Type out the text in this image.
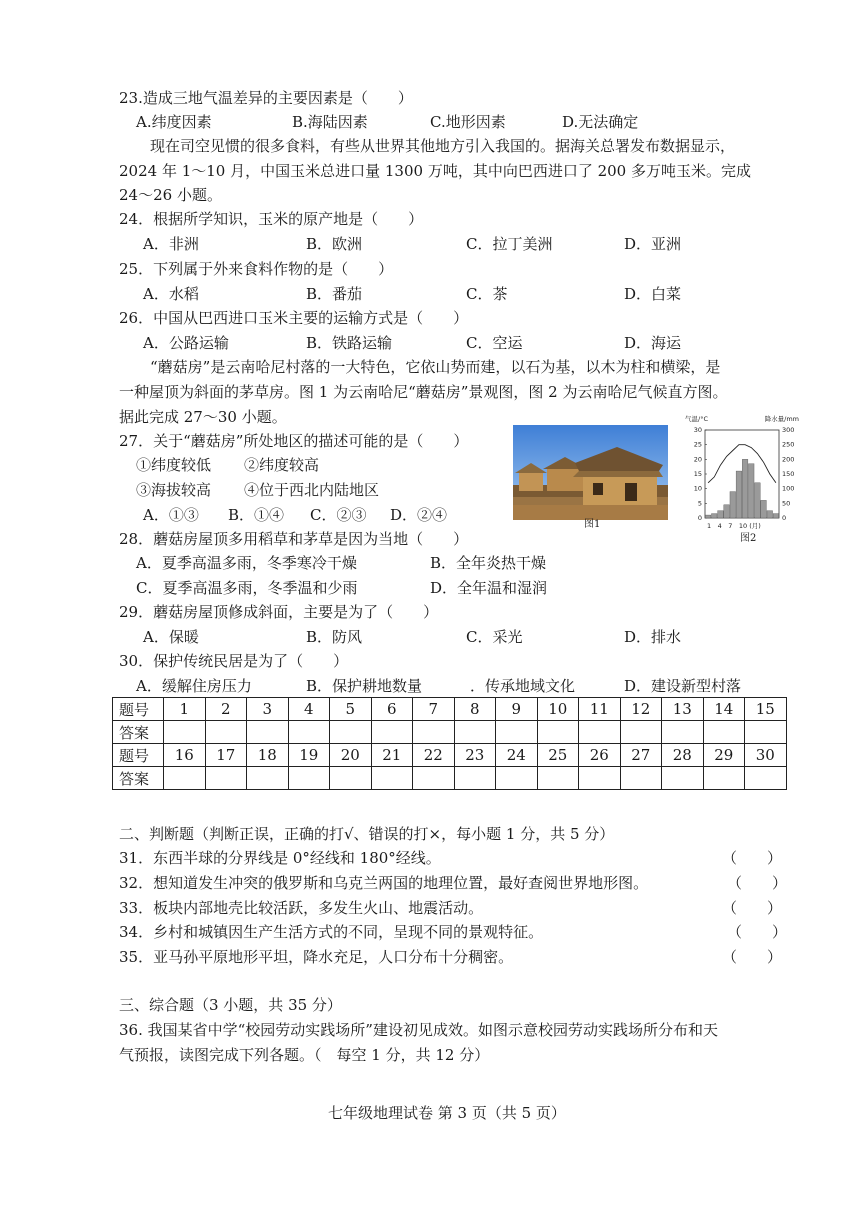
23.造成三地气温差异的主要因素是（　　）
A.纬度因素	B.海陆因素	C.地形因素	D.无法确定
现在司空见惯的很多食料，有些从世界其他地方引入我国的。据海关总署发布数据显示，
2024 年 1～10 月，中国玉米总进口量 1300 万吨，其中向巴西进口了 200 多万吨玉米。完成
24～26 小题。
24．根据所学知识，玉米的原产地是（　　）
A．非洲	B．欧洲	C．拉丁美洲	D．亚洲
25．下列属于外来食料作物的是（　　）
A．水稻	B．番茄	C．茶	D．白菜
26．中国从巴西进口玉米主要的运输方式是（　　）
A．公路运输	B．铁路运输	C．空运	D．海运
“蘑菇房”是云南哈尼村落的一大特色，它依山势而建，以石为基，以木为柱和横梁，是
一种屋顶为斜面的茅草房。图 1 为云南哈尼“蘑菇房”景观图，图 2 为云南哈尼气候直方图。
据此完成 27～30 小题。
27．关于“蘑菇房”所处地区的描述可能的是（　　）
①纬度较低 ②纬度较高
③海拔较高 ④位于西北内陆地区
A．①③ B．①④ C．②③ D．②④
图1
气温/°C	降水量/mm
30	300
25	250
20	200
15	150
10	100
5	50
0	0
1　4　7　10 (月)
图2
28．蘑菇房屋顶多用稻草和茅草是因为当地（　　）
A．夏季高温多雨，冬季寒冷干燥	B．全年炎热干燥
C．夏季高温多雨，冬季温和少雨	D．全年温和湿润
29．蘑菇房屋顶修成斜面，主要是为了（　　）
A．保暖	B．防风	C．采光	D．排水
30．保护传统民居是为了（　　）
A．缓解住房压力	B．保护耕地数量	．传承地域文化	D．建设新型村落
题号	1	2	3	4	5	6	7	8	9	10	11	12	13	14	15
答案															
题号	16	17	18	19	20	21	22	23	24	25	26	27	28	29	30
答案															
二、判断题（判断正误，正确的打√、错误的打×，每小题 1 分，共 5 分）
31．东西半球的分界线是 0°经线和 180°经线。	（　　）
32．想知道发生冲突的俄罗斯和乌克兰两国的地理位置，最好查阅世界地形图。	（　　）
33．板块内部地壳比较活跃，多发生火山、地震活动。	（　　）
34．乡村和城镇因生产生活方式的不同，呈现不同的景观特征。	（　　）
35．亚马孙平原地形平坦，降水充足，人口分布十分稠密。	（　　）
三、综合题（3 小题，共 35 分）
36. 我国某省中学“校园劳动实践场所”建设初见成效。如图示意校园劳动实践场所分布和天
气预报，读图完成下列各题。（　每空 1 分，共 12 分）
七年级地理试卷 第 3 页（共 5 页）
